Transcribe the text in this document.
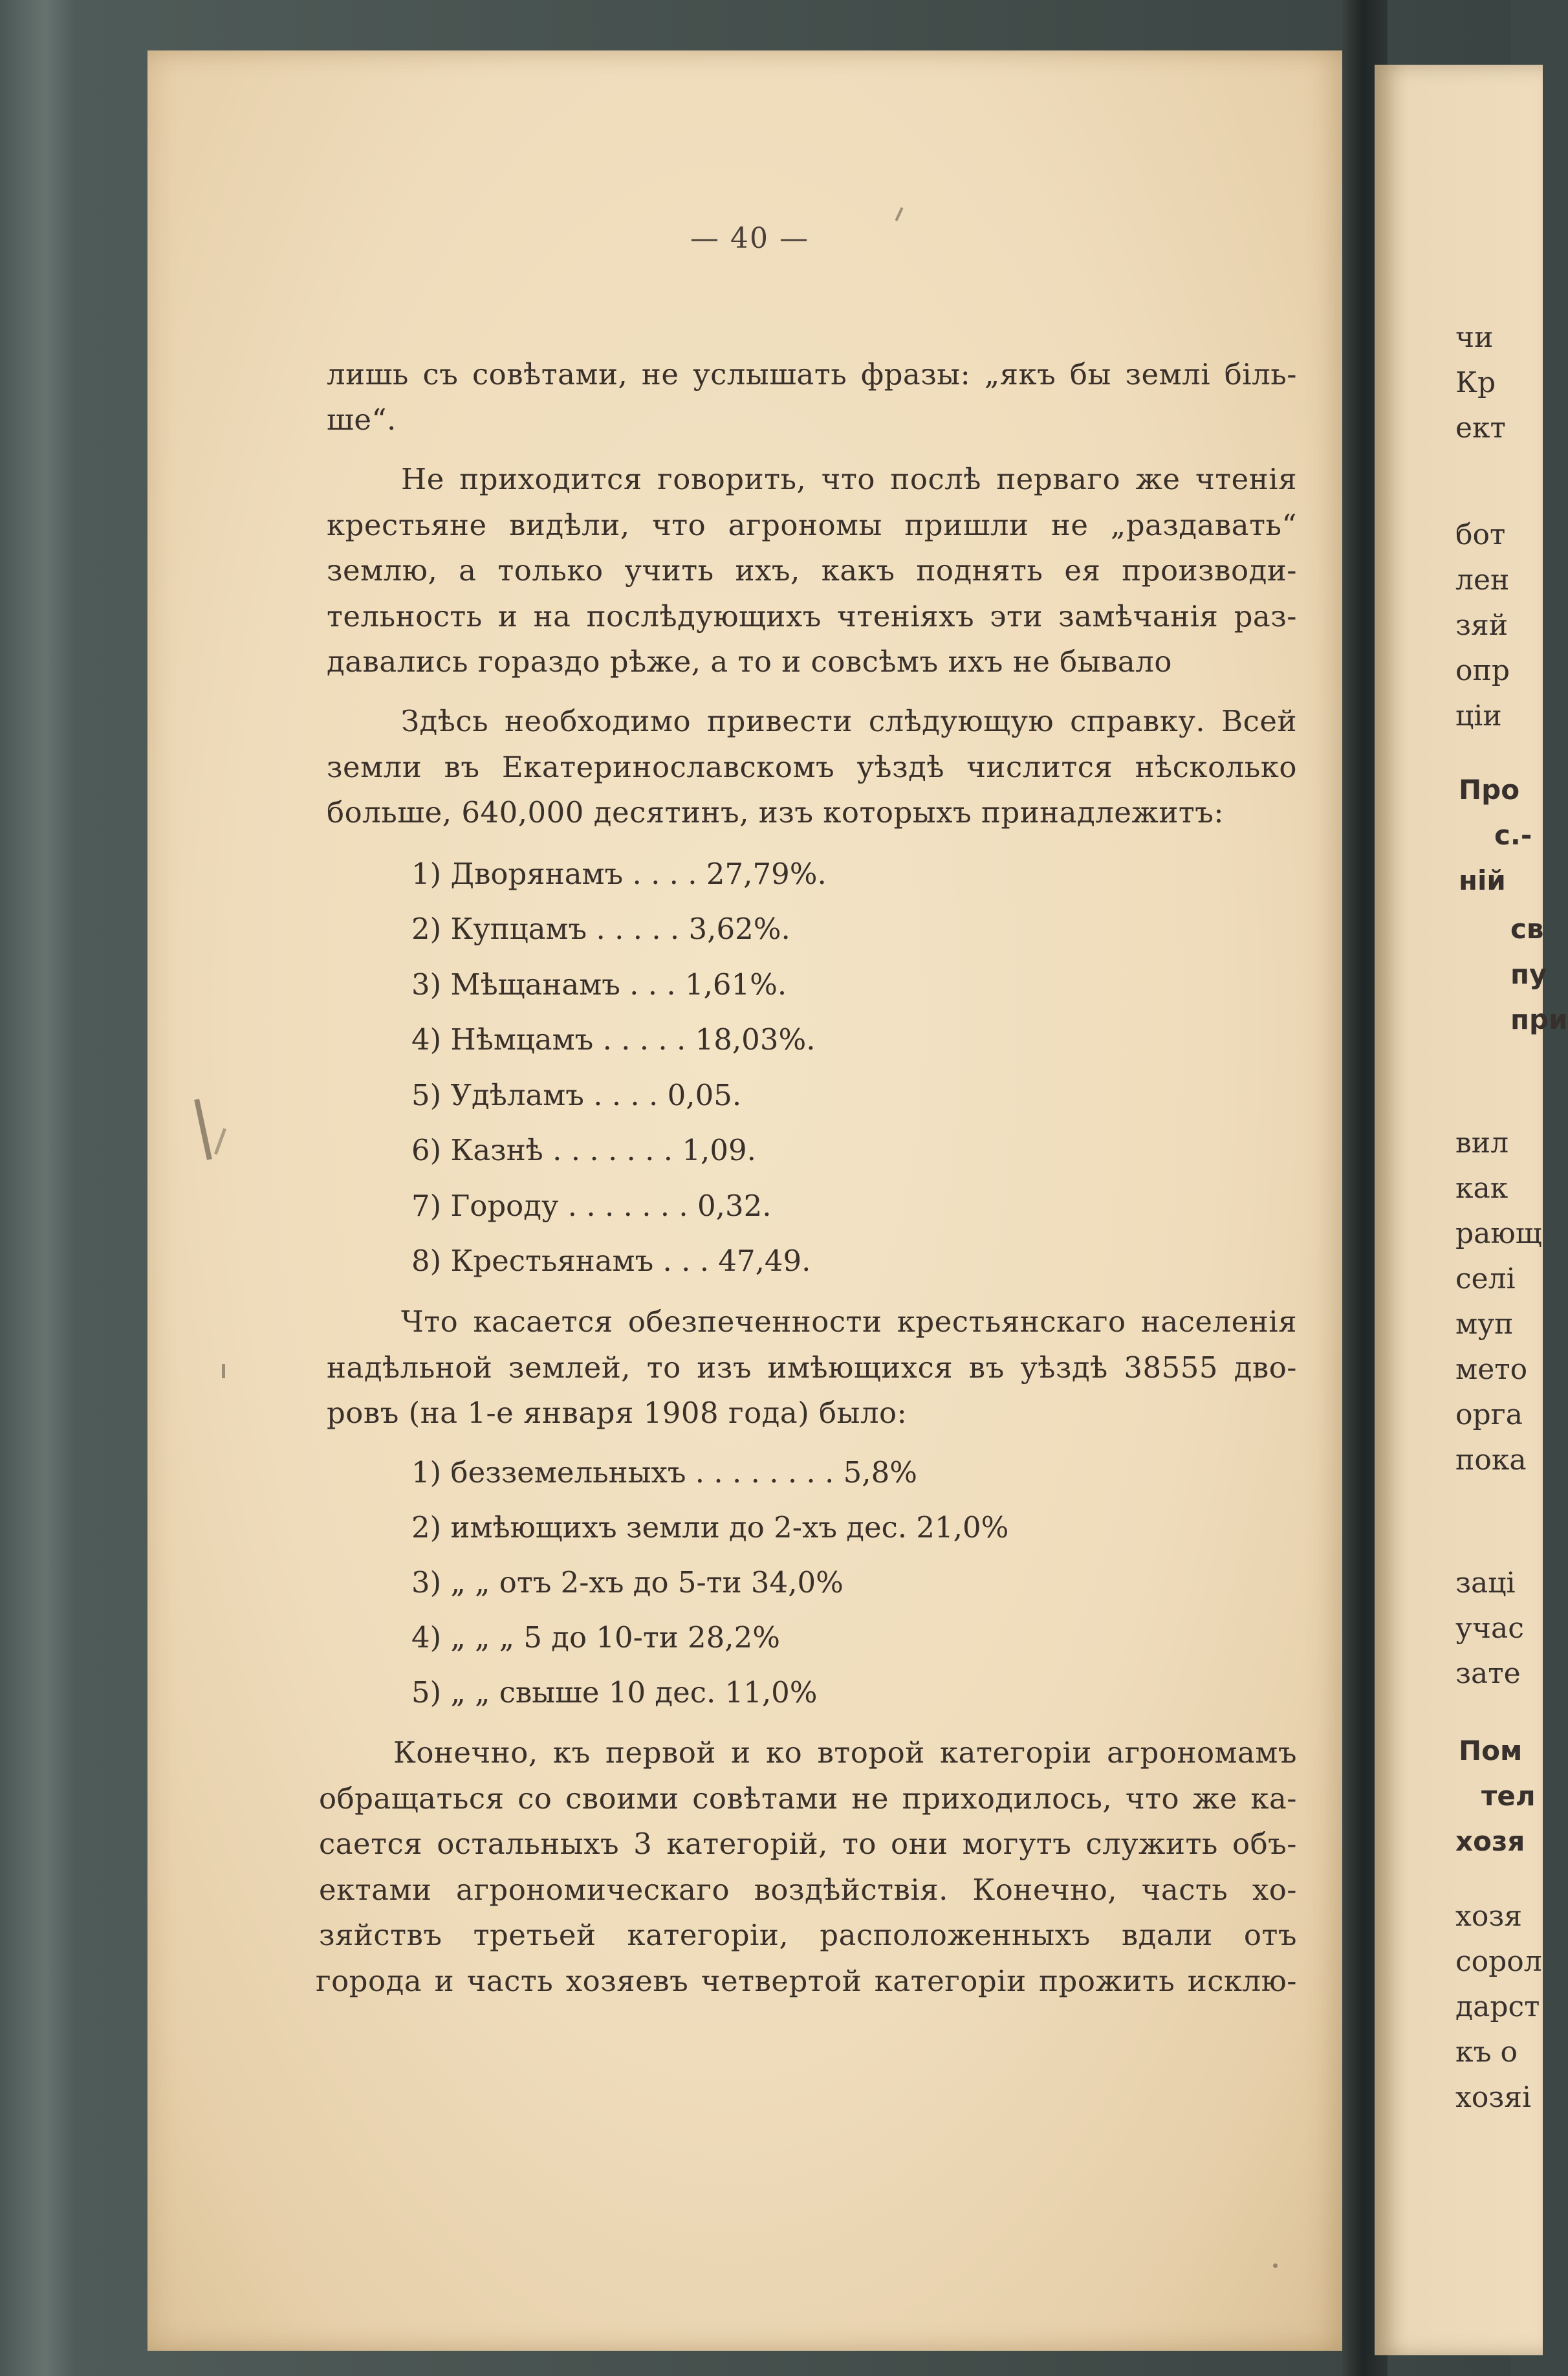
— 40 —
лишь съ совѣтами, не услышать фразы: „якъ бы землі біль-
ше“.
Не приходится говорить, что послѣ перваго же чтенія
крестьяне видѣли, что агрономы пришли не „раздавать“
землю, а только учить ихъ, какъ поднять ея производи-
тельность и на послѣдующихъ чтеніяхъ эти замѣчанія раз-
давались гораздо рѣже, а то и совсѣмъ ихъ не бывало
Здѣсь необходимо привести слѣдующую справку. Всей
земли въ Екатеринославскомъ уѣздѣ числится нѣсколько
больше, 640,000 десятинъ, изъ которыхъ принадлежитъ:
1) Дворянамъ . . . . 27,79%.
2) Купцамъ . . . . . 3,62%.
3) Мѣщанамъ . . . 1,61%.
4) Нѣмцамъ . . . . . 18,03%.
5) Удѣламъ . . . . 0,05.
6) Казнѣ . . . . . . . 1,09.
7) Городу . . . . . . . 0,32.
8) Крестьянамъ . . . 47,49.
Что касается обезпеченности крестьянскаго населенія
надѣльной землей, то изъ имѣющихся въ уѣздѣ 38555 дво-
ровъ (на 1-е января 1908 года) было:
1) безземельныхъ . . . . . . . . 5,8%
2) имѣющихъ земли до 2-хъ дес. 21,0%
3) „ „ отъ 2-хъ до 5-ти 34,0%
4) „ „ „ 5 до 10-ти 28,2%
5) „ „ свыше 10 дес. 11,0%
Конечно, къ первой и ко второй категоріи агрономамъ
обращаться со своими совѣтами не приходилось, что же ка-
сается остальныхъ 3 категорій, то они могутъ служить объ-
ектами агрономическаго воздѣйствія. Конечно, часть хо-
зяйствъ третьей категоріи, расположенныхъ вдали отъ
города и часть хозяевъ четвертой категоріи прожить исклю-
чи
Кр
ект
бот
лен
зяй
опр
ціи
Про
с.-
ній
св
пу
при
вил
как
рающ
селі
муп
мето
орга
пока
заці
учас
зате
Пом
тел
хозя
хозя
сорол
дарст
къ о
хозяі
